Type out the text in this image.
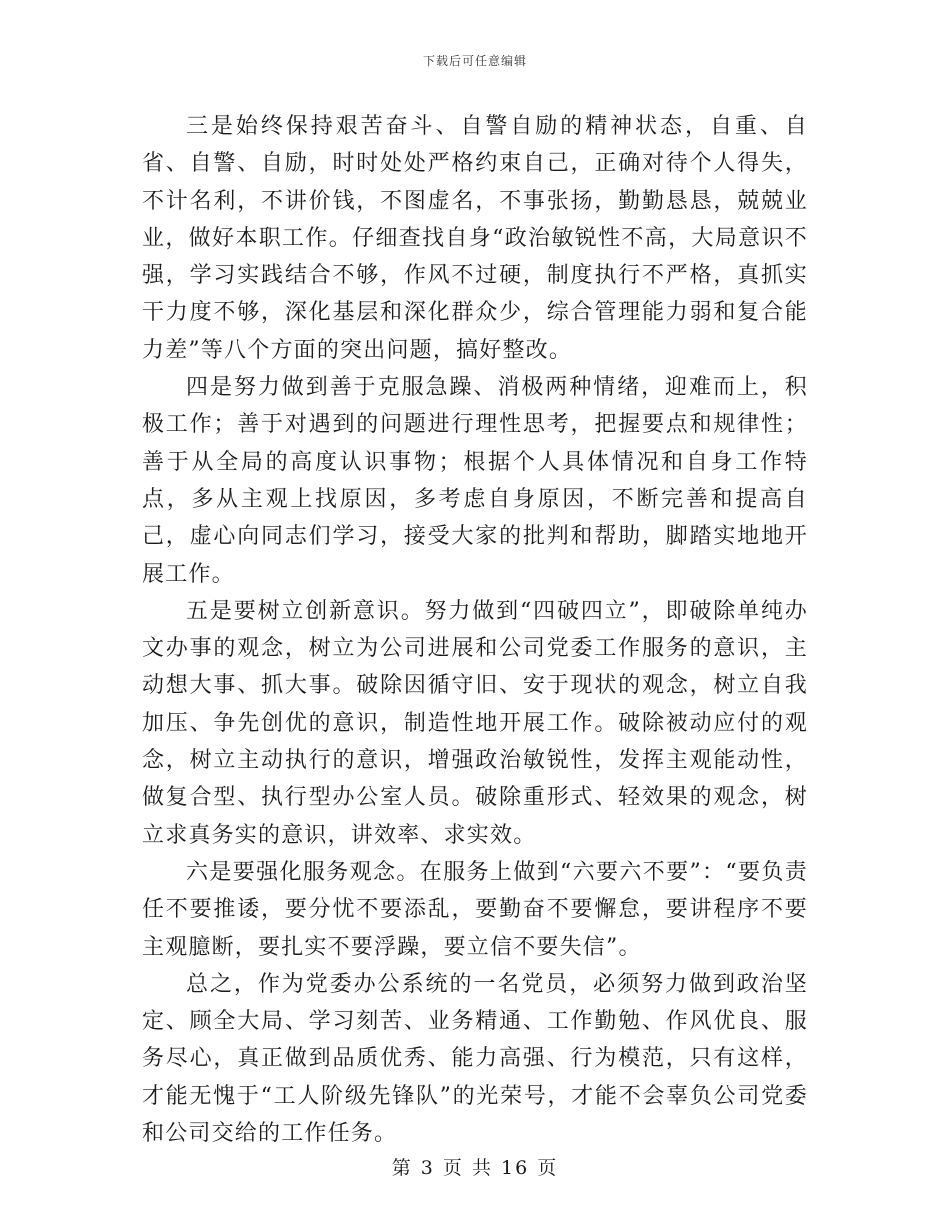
下载后可任意编辑

三是始终保持艰苦奋斗、自警自励的精神状态，自重、自省、自警、自励，时时处处严格约束自己，正确对待个人得失，不计名利，不讲价钱，不图虚名，不事张扬，勤勤恳恳，兢兢业业，做好本职工作。仔细查找自身“政治敏锐性不高，大局意识不强，学习实践结合不够，作风不过硬，制度执行不严格，真抓实干力度不够，深化基层和深化群众少，综合管理能力弱和复合能力差”等八个方面的突出问题，搞好整改。

四是努力做到善于克服急躁、消极两种情绪，迎难而上，积极工作；善于对遇到的问题进行理性思考，把握要点和规律性；善于从全局的高度认识事物；根据个人具体情况和自身工作特点，多从主观上找原因，多考虑自身原因，不断完善和提高自己，虚心向同志们学习，接受大家的批判和帮助，脚踏实地地开展工作。

五是要树立创新意识。努力做到“四破四立”，即破除单纯办文办事的观念，树立为公司进展和公司党委工作服务的意识，主动想大事、抓大事。破除因循守旧、安于现状的观念，树立自我加压、争先创优的意识，制造性地开展工作。破除被动应付的观念，树立主动执行的意识，增强政治敏锐性，发挥主观能动性，做复合型、执行型办公室人员。破除重形式、轻效果的观念，树立求真务实的意识，讲效率、求实效。

六是要强化服务观念。在服务上做到“六要六不要”：“要负责任不要推诿，要分忧不要添乱，要勤奋不要懈怠，要讲程序不要主观臆断，要扎实不要浮躁，要立信不要失信”。

总之，作为党委办公系统的一名党员，必须努力做到政治坚定、顾全大局、学习刻苦、业务精通、工作勤勉、作风优良、服务尽心，真正做到品质优秀、能力高强、行为模范，只有这样，才能无愧于“工人阶级先锋队”的光荣号，才能不会辜负公司党委和公司交给的工作任务。

第 3 页 共 16 页
